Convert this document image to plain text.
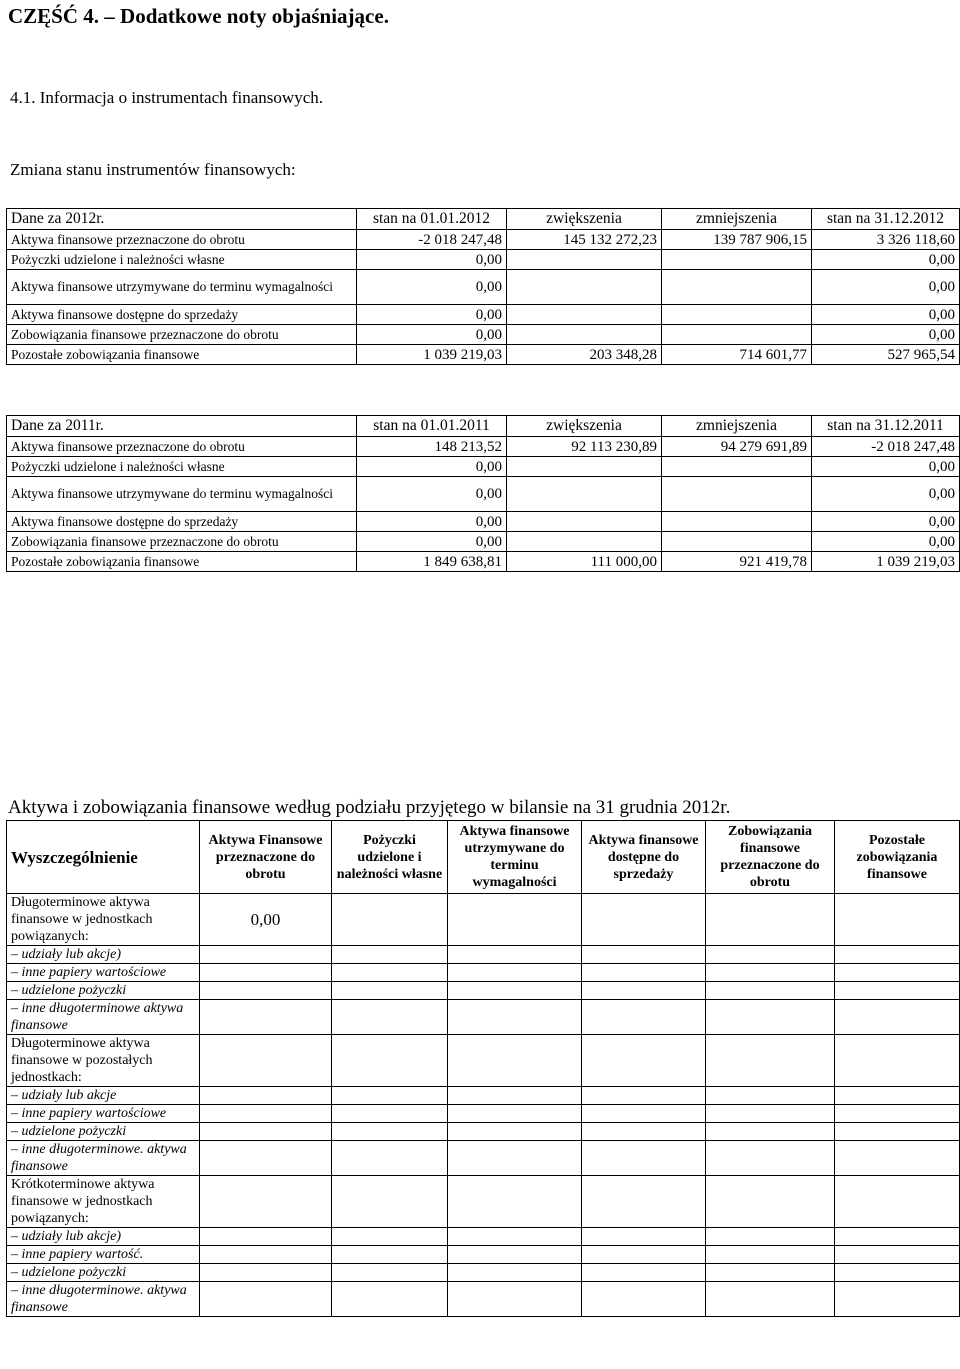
CZĘŚĆ 4. – Dodatkowe noty objaśniające.
4.1. Informacja o instrumentach finansowych.
Zmiana stanu instrumentów finansowych:
Dane za 2012r.	stan na 01.01.2012	zwiększenia	zmniejszenia	stan na 31.12.2012
Aktywa finansowe przeznaczone do obrotu	-2 018 247,48	145 132 272,23	139 787 906,15	3 326 118,60
Pożyczki udzielone i należności własne	0,00			0,00
Aktywa finansowe utrzymywane do terminu wymagalności	0,00			0,00
Aktywa finansowe dostępne do sprzedaży	0,00			0,00
Zobowiązania finansowe przeznaczone do obrotu	0,00			0,00
Pozostałe zobowiązania finansowe	1 039 219,03	203 348,28	714 601,77	527 965,54
Dane za 2011r.	stan na 01.01.2011	zwiększenia	zmniejszenia	stan na 31.12.2011
Aktywa finansowe przeznaczone do obrotu	148 213,52	92 113 230,89	94 279 691,89	-2 018 247,48
Pożyczki udzielone i należności własne	0,00			0,00
Aktywa finansowe utrzymywane do terminu wymagalności	0,00			0,00
Aktywa finansowe dostępne do sprzedaży	0,00			0,00
Zobowiązania finansowe przeznaczone do obrotu	0,00			0,00
Pozostałe zobowiązania finansowe	1 849 638,81	111 000,00	921 419,78	1 039 219,03
Aktywa i zobowiązania finansowe według podziału przyjętego w bilansie na 31 grudnia 2012r.
Wyszczególnienie	Aktywa Finansowe przeznaczone do obrotu	Pożyczki udzielone i należności własne	Aktywa finansowe utrzymywane do terminu wymagalności	Aktywa finansowe dostępne do sprzedaży	Zobowiązania finansowe przeznaczone do obrotu	Pozostałe zobowiązania finansowe
Długoterminowe aktywa finansowe w jednostkach powiązanych:	0,00					
– udziały lub akcje)						
– inne papiery wartościowe						
– udzielone pożyczki						
– inne długoterminowe aktywa finansowe						
Długoterminowe aktywa finansowe w pozostałych jednostkach:						
– udziały lub akcje						
– inne papiery wartościowe						
– udzielone pożyczki						
– inne długoterminowe. aktywa finansowe						
Krótkoterminowe aktywa finansowe w jednostkach powiązanych:						
– udziały lub akcje)						
– inne papiery wartość.						
– udzielone pożyczki						
– inne długoterminowe. aktywa finansowe						
